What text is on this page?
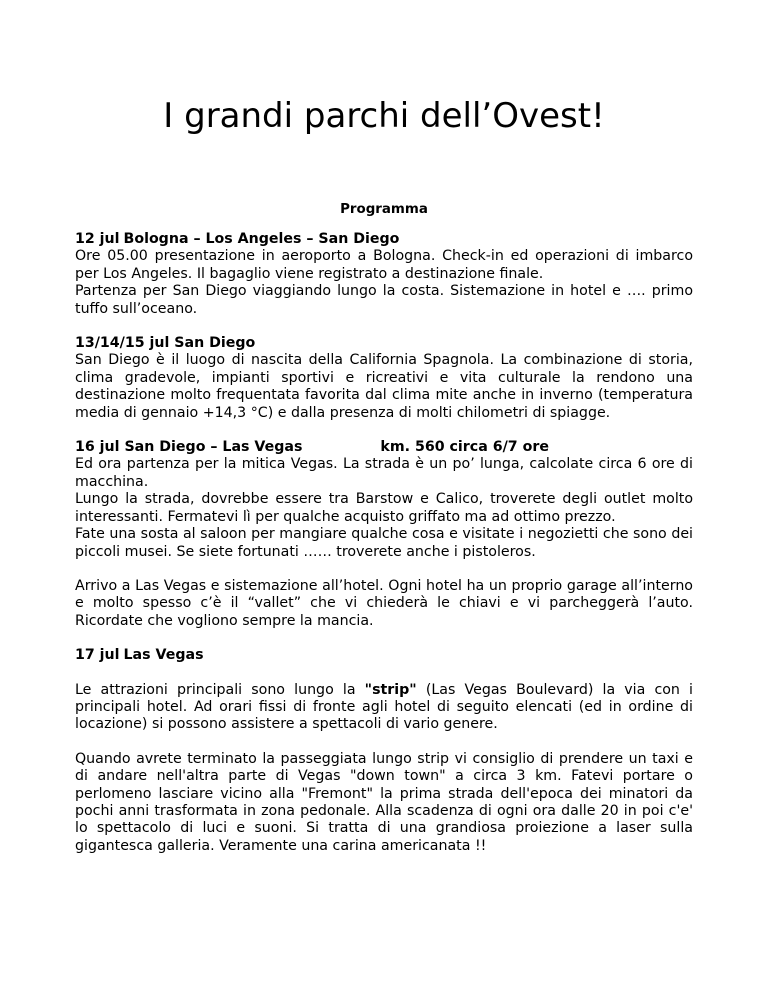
I grandi parchi dell’Ovest!
Programma

12 jul Bologna – Los Angeles – San Diego

Ore 05.00 presentazione in aeroporto a Bologna. Check-in ed operazioni di imbarco per Los Angeles. Il bagaglio viene registrato a destinazione finale.

Partenza per San Diego viaggiando lungo la costa. Sistemazione in hotel e …. primo tuffo sull’oceano.

13/14/15 jul San Diego

San Diego è il luogo di nascita della California Spagnola. La combinazione di storia, clima gradevole, impianti sportivi e ricreativi e vita culturale la rendono una destinazione molto frequentata favorita dal clima mite anche in inverno (temperatura media di gennaio +14,3 °C) e dalla presenza di molti chilometri di spiagge.

16 jul San Diego – Las Vegas	km. 560 circa 6/7 ore

Ed ora partenza per la mitica Vegas. La strada è un po’ lunga, calcolate circa 6 ore di macchina.

Lungo la strada, dovrebbe essere tra Barstow e Calico, troverete degli outlet molto interessanti. Fermatevi lì per qualche acquisto griffato ma ad ottimo prezzo.

Fate una sosta al saloon per mangiare qualche cosa e visitate i negozietti che sono dei piccoli musei. Se siete fortunati …… troverete anche i pistoleros.

Arrivo a Las Vegas e sistemazione all’hotel. Ogni hotel ha un proprio garage all’interno e molto spesso c’è il “vallet” che vi chiederà le chiavi e vi parcheggerà l’auto. Ricordate che vogliono sempre la mancia.

17 jul Las Vegas

Le attrazioni principali sono lungo la "strip" (Las Vegas Boulevard) la via con i principali hotel. Ad orari fissi di fronte agli hotel di seguito elencati (ed in ordine di locazione) si possono assistere a spettacoli di vario genere.

Quando avrete terminato la passeggiata lungo strip vi consiglio di prendere un taxi e di andare nell'altra parte di Vegas "down town" a circa 3 km. Fatevi portare o perlomeno lasciare vicino alla "Fremont" la prima strada dell'epoca dei minatori da pochi anni trasformata in zona pedonale. Alla scadenza di ogni ora dalle 20 in poi c'e' lo spettacolo di luci e suoni. Si tratta di una grandiosa proiezione a laser sulla gigantesca galleria. Veramente una carina americanata !!
